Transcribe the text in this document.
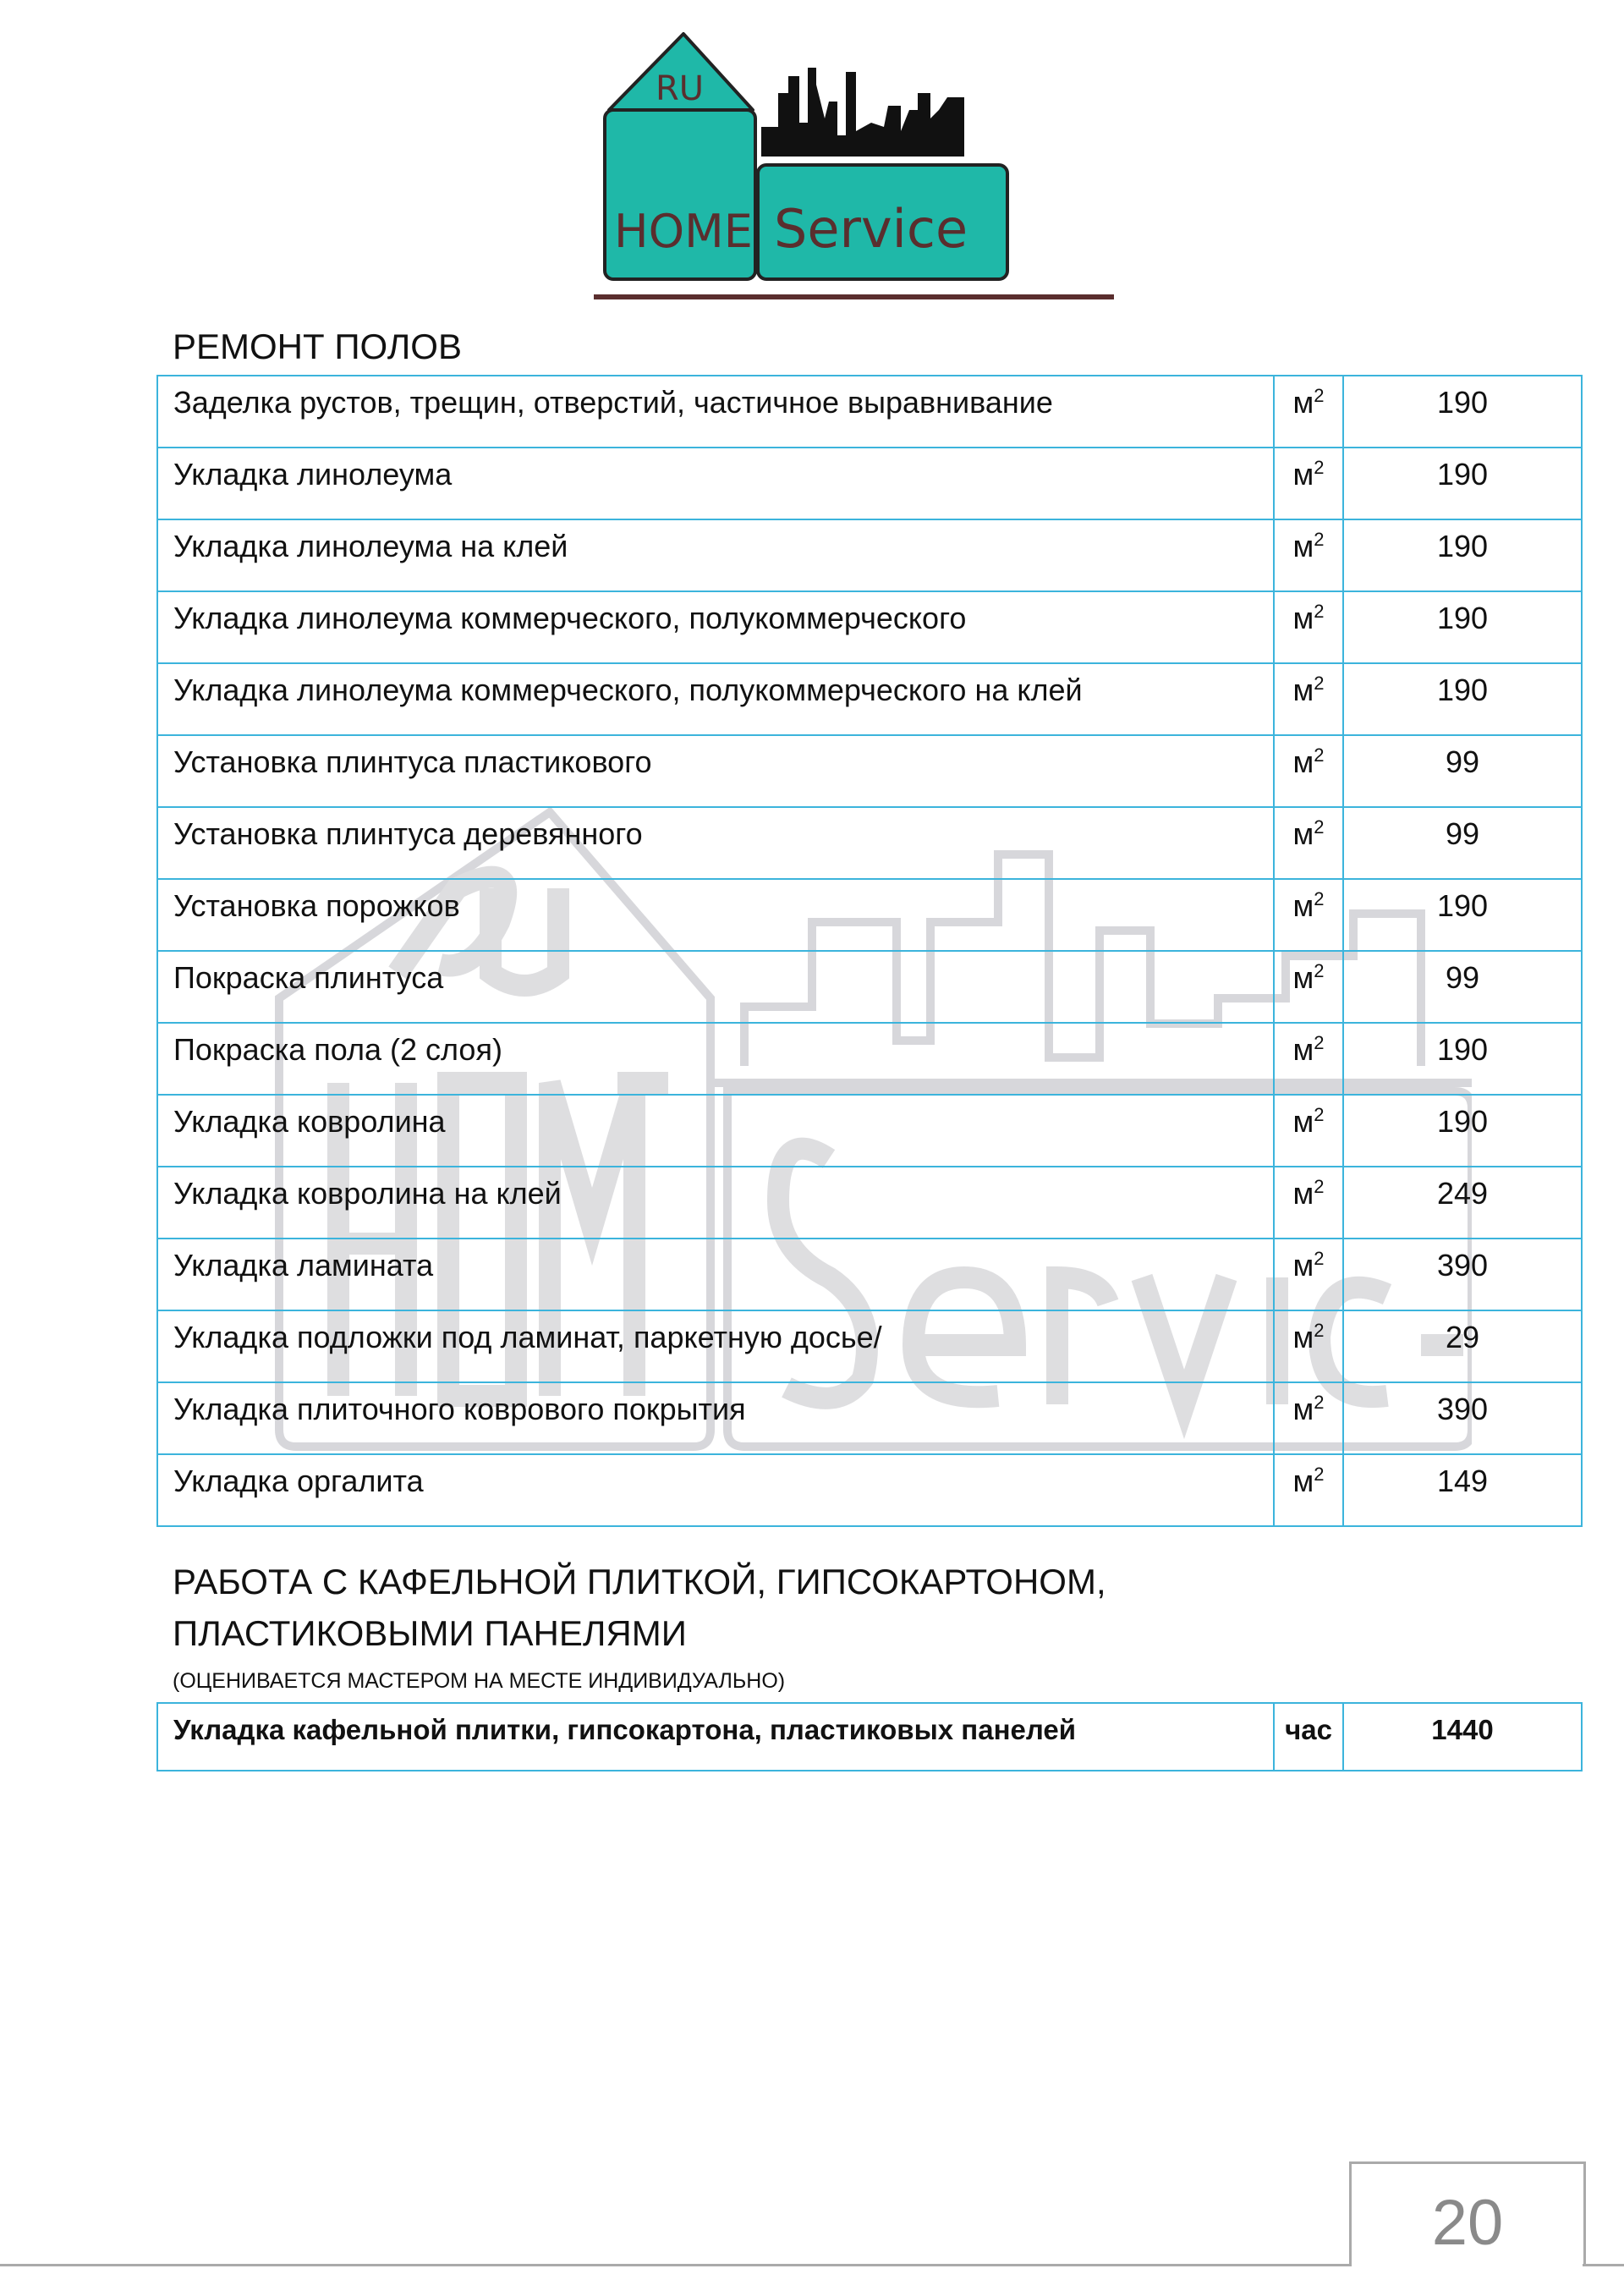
RU
HOME Service
РЕМОНТ ПОЛОВ
Заделка рустов, трещин, отверстий, частичное выравнивание	$м^2$	190
Укладка линолеума	$м^2$	190
Укладка линолеума на клей	$м^2$	190
Укладка линолеума коммерческого, полукоммерческого	$м^2$	190
Укладка линолеума коммерческого, полукоммерческого на клей	$м^2$	190
Установка плинтуса пластикового	$м^2$	99
Установка плинтуса деревянного	$м^2$	99
Установка порожков	$м^2$	190
Покраска плинтуса	$м^2$	99
Покраска пола (2 слоя)	$м^2$	190
Укладка ковролина	$м^2$	190
Укладка ковролина на клей	$м^2$	249
Укладка ламината	$м^2$	390
Укладка подложки под ламинат, паркетную досье/	$м^2$	29
Укладка плиточного коврового покрытия	$м^2$	390
Укладка оргалита	$м^2$	149
РАБОТА С КАФЕЛЬНОЙ ПЛИТКОЙ, ГИПСОКАРТОНОМ,
ПЛАСТИКОВЫМИ ПАНЕЛЯМИ
(ОЦЕНИВАЕТСЯ МАСТЕРОМ НА МЕСТЕ ИНДИВИДУАЛЬНО)
Укладка кафельной плитки, гипсокартона, пластиковых панелей	час	1440
20
